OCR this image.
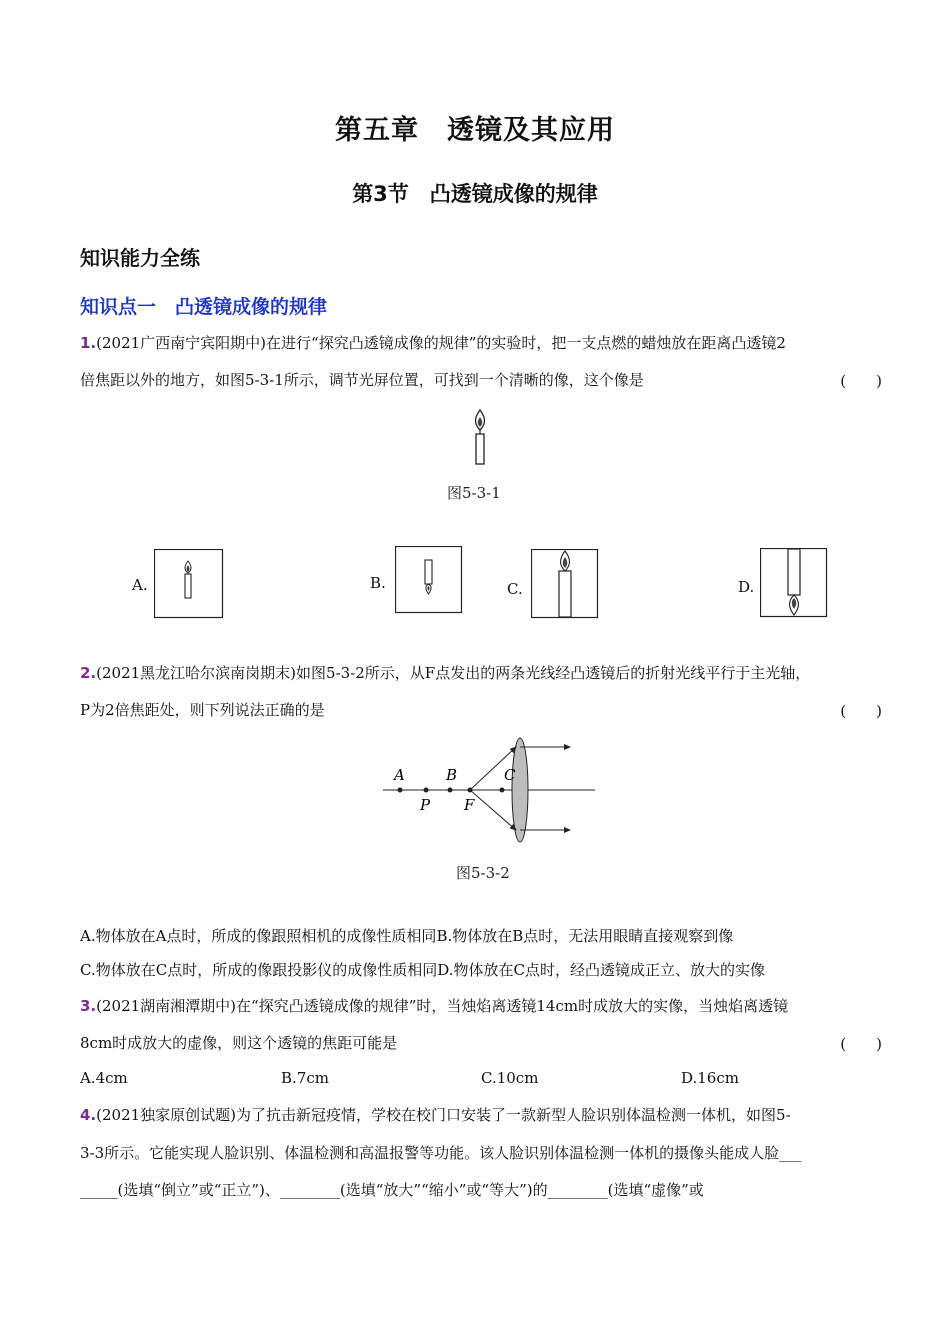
第五章　透镜及其应用
第3节　凸透镜成像的规律
知识能力全练
知识点一　凸透镜成像的规律
1.(2021广西南宁宾阳期中)在进行“探究凸透镜成像的规律”的实验时，把一支点燃的蜡烛放在距离凸透镜2
倍焦距以外的地方，如图5-3-1所示，调节光屏位置，可找到一个清晰的像，这个像是	(　　)
图5-3-1
A.	B.	C.	D.
2.(2021黑龙江哈尔滨南岗期末)如图5-3-2所示，从F点发出的两条光线经凸透镜后的折射光线平行于主光轴，
P为2倍焦距处，则下列说法正确的是	(　　)
A
P
B
F
C
图5-3-2
A.物体放在A点时，所成的像跟照相机的成像性质相同B.物体放在B点时，无法用眼睛直接观察到像
C.物体放在C点时，所成的像跟投影仪的成像性质相同D.物体放在C点时，经凸透镜成正立、放大的实像
3.(2021湖南湘潭期中)在“探究凸透镜成像的规律”时，当烛焰离透镜14cm时成放大的实像，当烛焰离透镜
8cm时成放大的虚像，则这个透镜的焦距可能是	(　　)
A.4cm	B.7cm	C.10cm	D.16cm
4.(2021独家原创试题)为了抗击新冠疫情，学校在校门口安装了一款新型人脸识别体温检测一体机，如图5-
3-3所示。它能实现人脸识别、体温检测和高温报警等功能。该人脸识别体温检测一体机的摄像头能成人脸___
_____(选填“倒立”或“正立”)、________(选填“放大”“缩小”或“等大”)的________(选填“虚像”或
